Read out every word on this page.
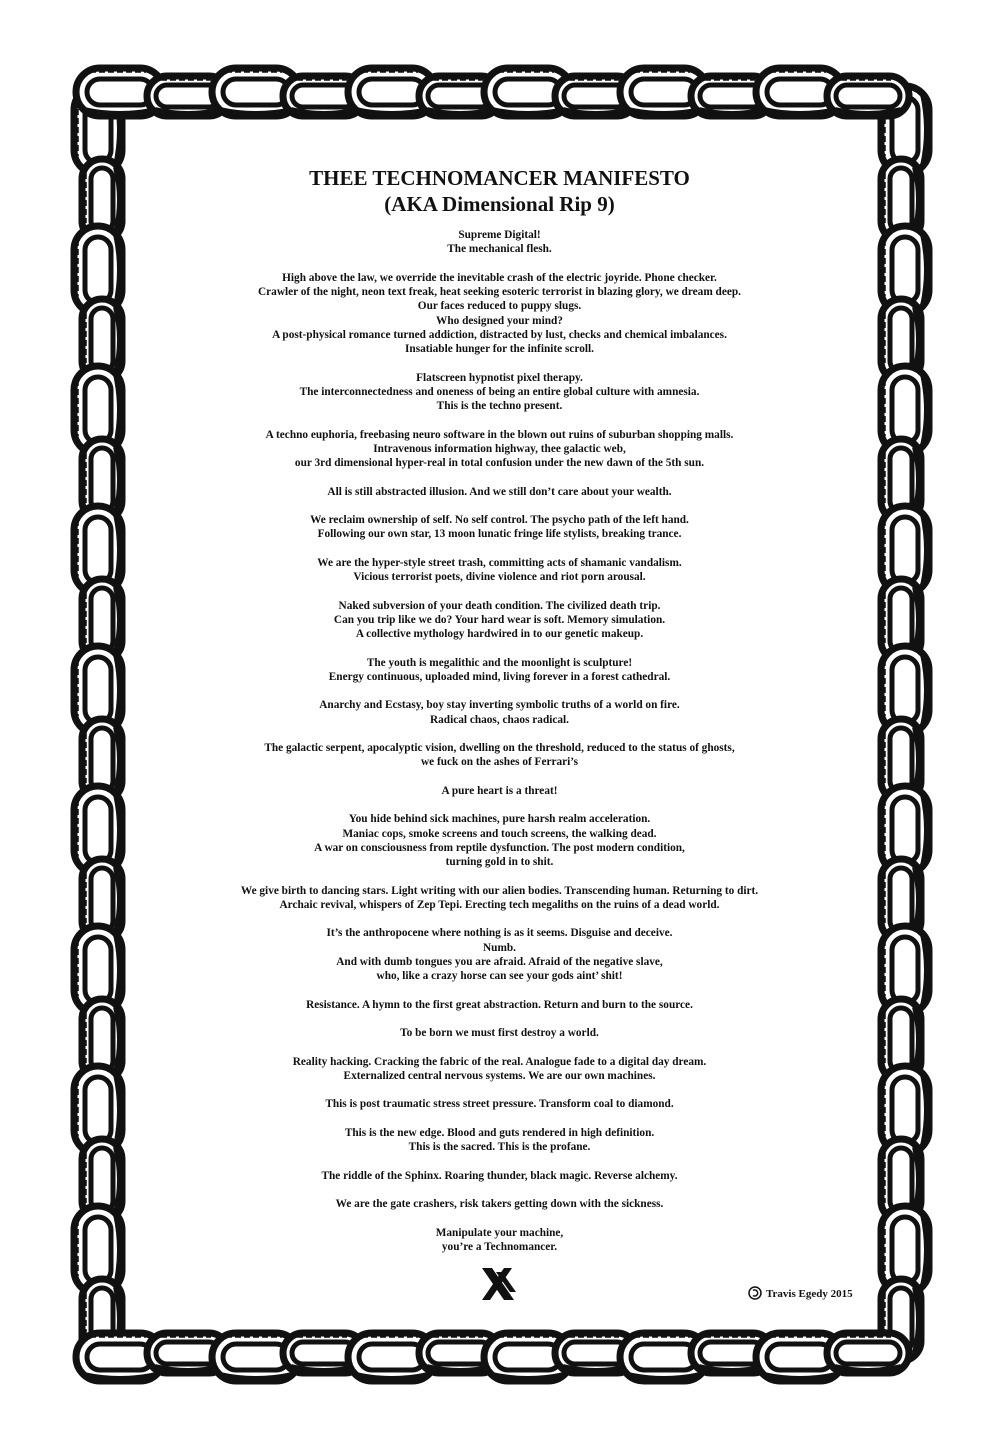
THEE TECHNOMANCER MANIFESTO
(AKA Dimensional Rip 9)
Supreme Digital!
The mechanical flesh.
High above the law, we override the inevitable crash of the electric joyride. Phone checker.
Crawler of the night, neon text freak, heat seeking esoteric terrorist in blazing glory, we dream deep.
Our faces reduced to puppy slugs.
Who designed your mind?
A post-physical romance turned addiction, distracted by lust, checks and chemical imbalances.
Insatiable hunger for the infinite scroll.
Flatscreen hypnotist pixel therapy.
The interconnectedness and oneness of being an entire global culture with amnesia.
This is the techno present.
A techno euphoria, freebasing neuro software in the blown out ruins of suburban shopping malls.
Intravenous information highway, thee galactic web,
our 3rd dimensional hyper-real in total confusion under the new dawn of the 5th sun.
All is still abstracted illusion. And we still don’t care about your wealth.
We reclaim ownership of self. No self control. The psycho path of the left hand.
Following our own star, 13 moon lunatic fringe life stylists, breaking trance.
We are the hyper-style street trash, committing acts of shamanic vandalism.
Vicious terrorist poets, divine violence and riot porn arousal.
Naked subversion of your death condition. The civilized death trip.
Can you trip like we do? Your hard wear is soft. Memory simulation.
A collective mythology hardwired in to our genetic makeup.
The youth is megalithic and the moonlight is sculpture!
Energy continuous, uploaded mind, living forever in a forest cathedral.
Anarchy and Ecstasy, boy stay inverting symbolic truths of a world on fire.
Radical chaos, chaos radical.
The galactic serpent, apocalyptic vision, dwelling on the threshold, reduced to the status of ghosts,
we fuck on the ashes of Ferrari’s
A pure heart is a threat!
You hide behind sick machines, pure harsh realm acceleration.
Maniac cops, smoke screens and touch screens, the walking dead.
A war on consciousness from reptile dysfunction. The post modern condition,
turning gold in to shit.
We give birth to dancing stars. Light writing with our alien bodies. Transcending human. Returning to dirt.
Archaic revival, whispers of Zep Tepi. Erecting tech megaliths on the ruins of a dead world.
It’s the anthropocene where nothing is as it seems. Disguise and deceive.
Numb.
And with dumb tongues you are afraid. Afraid of the negative slave,
who, like a crazy horse can see your gods aint’ shit!
Resistance. A hymn to the first great abstraction. Return and burn to the source.
To be born we must first destroy a world.
Reality hacking. Cracking the fabric of the real. Analogue fade to a digital day dream.
Externalized central nervous systems. We are our own machines.
This is post traumatic stress street pressure. Transform coal to diamond.
This is the new edge. Blood and guts rendered in high definition.
This is the sacred. This is the profane.
The riddle of the Sphinx. Roaring thunder, black magic. Reverse alchemy.
We are the gate crashers, risk takers getting down with the sickness.
Manipulate your machine,
you’re a Technomancer.
Travis Egedy 2015
